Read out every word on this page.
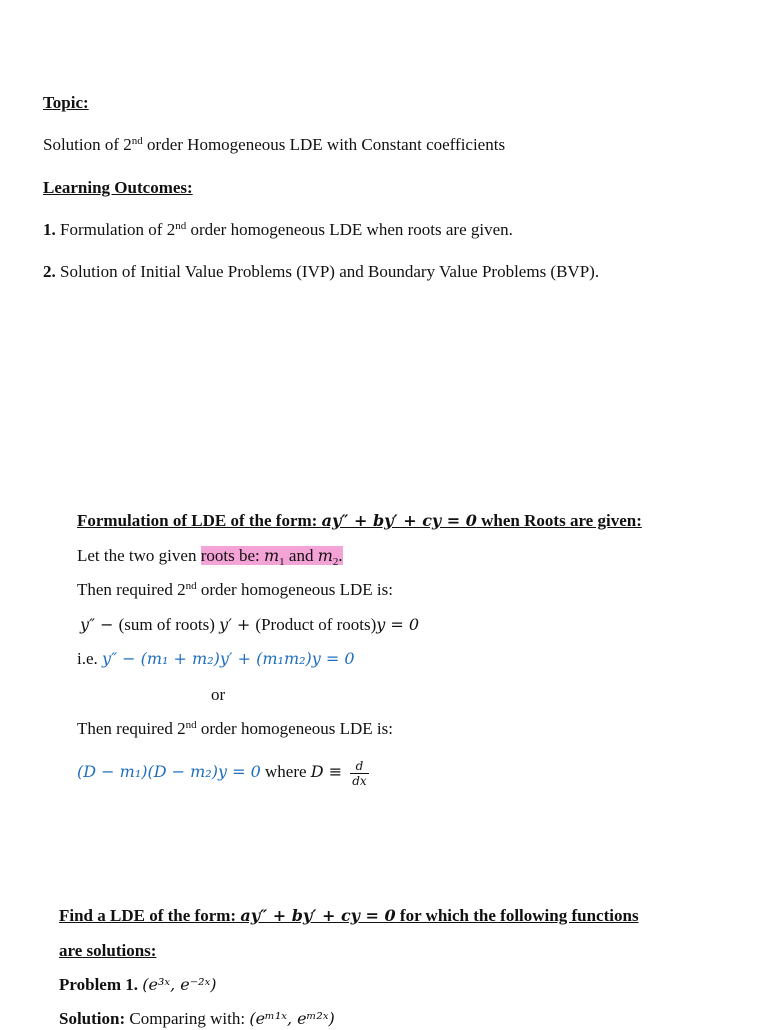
Topic:
Solution of 2nd order Homogeneous LDE with Constant coefficients
Learning Outcomes:
1. Formulation of 2nd order homogeneous LDE when roots are given.
2. Solution of Initial Value Problems (IVP) and Boundary Value Problems (BVP).
Formulation of LDE of the form: ay″ + by′ + cy = 0 when Roots are given:
Let the two given roots be: $m_1$ and $m_2$.
Then required 2nd order homogeneous LDE is:
y″ − (sum of roots) y′ + (Product of roots)y = 0
i.e. y″ − (m₁ + m₂)y′ + (m₁m₂)y = 0
or
Then required 2nd order homogeneous LDE is:
(D − m₁)(D − m₂)y = 0 where $D \equiv \frac{d}{dx}$
Find a LDE of the form: ay″ + by′ + cy = 0 for which the following functions
are solutions:
Problem 1. (e³ˣ, e⁻²ˣ)
Solution: Comparing with: (eᵐ¹ˣ, eᵐ²ˣ)
